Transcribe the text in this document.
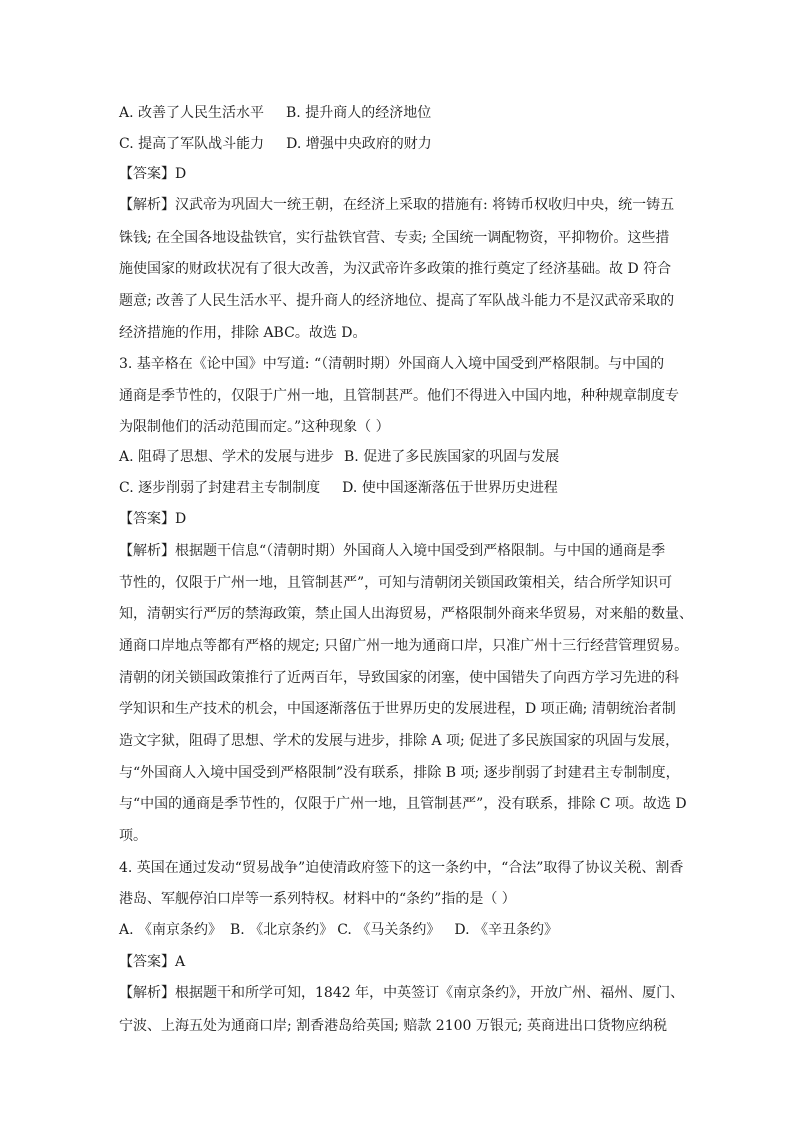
A. 改善了人民生活水平 B. 提升商人的经济地位
C. 提高了军队战斗能力 D. 增强中央政府的财力
【答案】D
【解析】汉武帝为巩固大一统王朝，在经济上采取的措施有: 将铸币权收归中央，统一铸五
铢钱; 在全国各地设盐铁官，实行盐铁官营、专卖; 全国统一调配物资，平抑物价。这些措
施使国家的财政状况有了很大改善，为汉武帝许多政策的推行奠定了经济基础。故 D 符合
题意; 改善了人民生活水平、提升商人的经济地位、提高了军队战斗能力不是汉武帝采取的
经济措施的作用，排除 ABC。故选 D。
3. 基辛格在《论中国》中写道: “（清朝时期）外国商人入境中国受到严格限制。与中国的
通商是季节性的，仅限于广州一地，且管制甚严。他们不得进入中国内地，种种规章制度专
为限制他们的活动范围而定。”这种现象（ ）
A. 阻碍了思想、学术的发展与进步 B. 促进了多民族国家的巩固与发展
C. 逐步削弱了封建君主专制制度 D. 使中国逐渐落伍于世界历史进程
【答案】D
【解析】根据题干信息“（清朝时期）外国商人入境中国受到严格限制。与中国的通商是季
节性的，仅限于广州一地，且管制甚严”，可知与清朝闭关锁国政策相关，结合所学知识可
知，清朝实行严厉的禁海政策，禁止国人出海贸易，严格限制外商来华贸易，对来船的数量、
通商口岸地点等都有严格的规定; 只留广州一地为通商口岸，只准广州十三行经营管理贸易。
清朝的闭关锁国政策推行了近两百年，导致国家的闭塞，使中国错失了向西方学习先进的科
学知识和生产技术的机会，中国逐渐落伍于世界历史的发展进程，D 项正确; 清朝统治者制
造文字狱，阻碍了思想、学术的发展与进步，排除 A 项; 促进了多民族国家的巩固与发展，
与“外国商人入境中国受到严格限制”没有联系，排除 B 项; 逐步削弱了封建君主专制制度，
与“中国的通商是季节性的，仅限于广州一地，且管制甚严”，没有联系，排除 C 项。故选 D
项。
4. 英国在通过发动“贸易战争”迫使清政府签下的这一条约中，“合法”取得了协议关税、割香
港岛、军舰停泊口岸等一系列特权。材料中的“条约”指的是（ ）
A. 《南京条约》 B. 《北京条约》 C. 《马关条约》 D. 《辛丑条约》
【答案】A
【解析】根据题干和所学可知，1842 年，中英签订《南京条约》，开放广州、福州、厦门、
宁波、上海五处为通商口岸; 割香港岛给英国; 赔款 2100 万银元; 英商进出口货物应纳税
